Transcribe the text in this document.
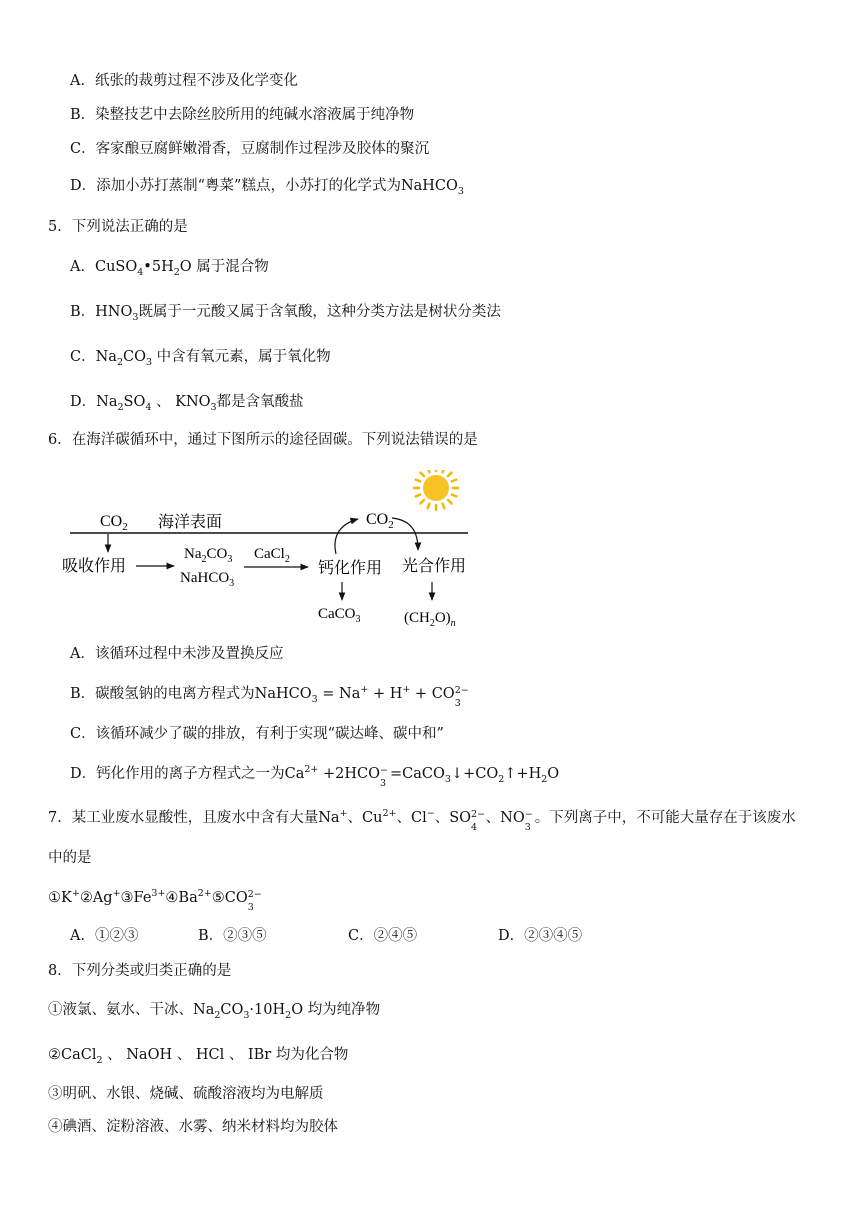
A．纸张的裁剪过程不涉及化学变化
B．染整技艺中去除丝胶所用的纯碱水溶液属于纯净物
C．客家酿豆腐鲜嫩滑香，豆腐制作过程涉及胶体的聚沉
D．添加小苏打蒸制“粤菜”糕点，小苏打的化学式为NaHCO$_3$
5．下列说法正确的是
A．$CuSO_4•5H_2O$ 属于混合物
B．$HNO_3$既属于一元酸又属于含氧酸，这种分类方法是树状分类法
C．$Na_2CO_3$ 中含有氧元素，属于氧化物
D．$Na_2SO_4$ 、 $KNO_3$都是含氧酸盐
6．在海洋碳循环中，通过下图所示的途径固碳。下列说法错误的是
$CO_2$ 海洋表面
吸收作用
$Na_2CO_3$
NaHCO$_3$
CaCl$_2$ 钙化作用
CaCO$_3$
$CO_2$
光合作用
$(CH_2O)_n$
A．该循环过程中未涉及置换反应
B．碳酸氢钠的电离方程式为NaHCO$_3$ = Na+ + H+ + CO 2−
3
C．该循环减少了碳的排放，有利于实现“碳达峰、碳中和”
D．钙化作用的离子方程式之一为$Ca^{2+} +2HCO$ −
3
$=CaCO_3↓+CO_2↑+H_2O$
7．某工业废水显酸性，且废水中含有大量Na+、$Cu^{2+}$、Cl−、SO 2−
4
、NO −
3
。下列离子中，不可能大量存在于该废水
中的是
$①K^+②Ag^+③Fe^{3+}④Ba^{2+}⑤CO$ 2−
3
A．①②③	B．②③⑤	C．②④⑤	D．②③④⑤
8．下列分类或归类正确的是
①液氯、氨水、干冰、$Na_2CO_3\cdot 10H_2O$ 均为纯净物
②CaCl$_2$ 、 NaOH 、 HCl 、 IBr 均为化合物
③明矾、水银、烧碱、硫酸溶液均为电解质
④碘酒、淀粉溶液、水雾、纳米材料均为胶体
